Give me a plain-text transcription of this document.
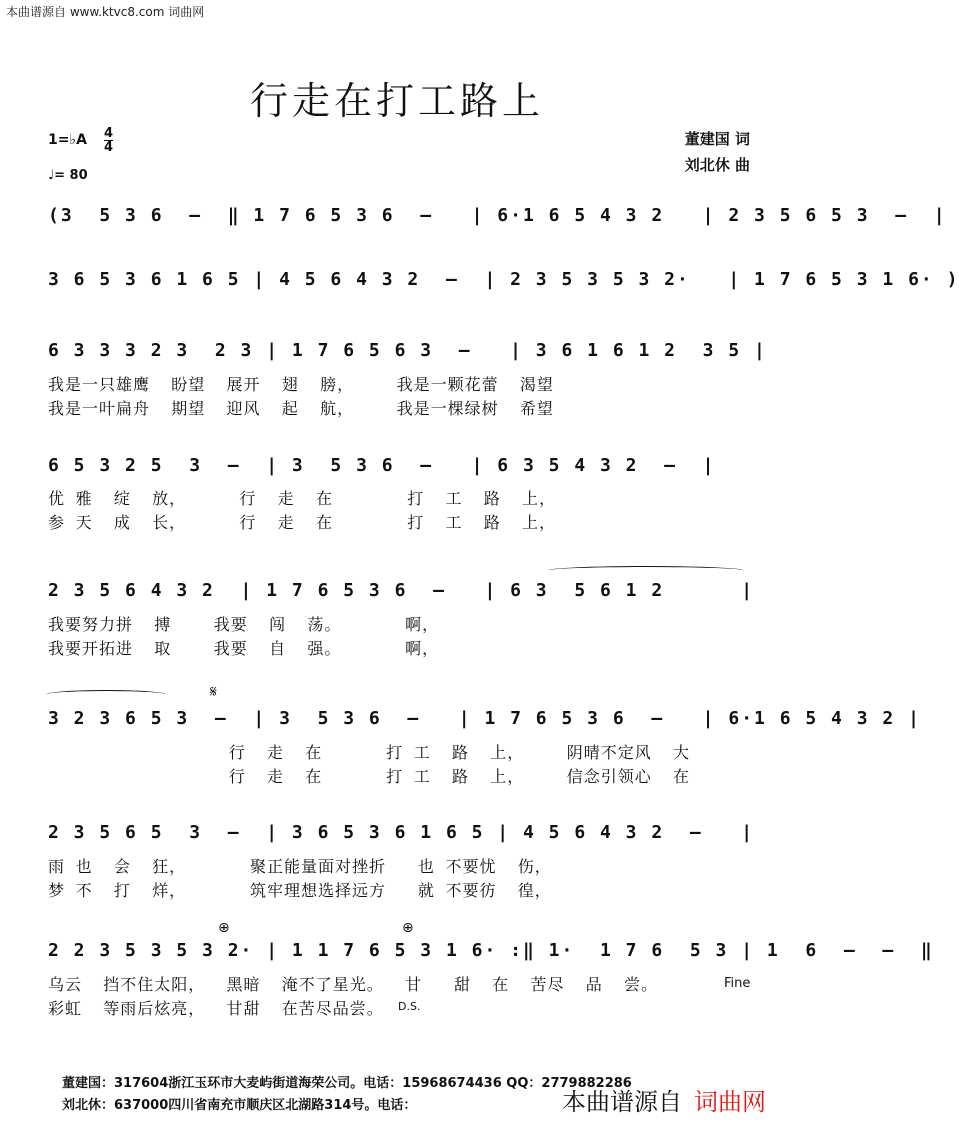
本曲谱源自 www.ktvc8.com 词曲网
行走在打工路上
1=♭A 4
4
♩= 80
董建国 词
刘北休 曲
(3  5 3 6  –  ‖ 1 7 6 5 3 6  –   | 6·1 6 5 4 3 2   | 2 3 5 6 5 3  –  |
3 6 5 3 6 1 6 5 | 4 5 6 4 3 2  –  | 2 3 5 3 5 3 2·   | 1 7 6 5 3 1 6· )
6 3 3 3 2 3  2 3 | 1 7 6 5 6 3  –   | 3 6 1 6 1 2  3 5 |
我是一只雄鹰  盼望  展开  翅  膀，    我是一颗花蕾  渴望
我是一叶扁舟  期望  迎风  起  航，    我是一棵绿树  希望
6 5 3 2 5  3  –  | 3  5 3 6  –   | 6 3 5 4 3 2  –  |
优 雅  绽  放，     行  走  在       打  工  路  上，
参 天  成  长，     行  走  在       打  工  路  上，
2 3 5 6 4 3 2  | 1 7 6 5 3 6  –   | 6 3  5 6 1 2      |
我要努力拼  搏    我要  闯  荡。      啊，
我要开拓进  取    我要  自  强。      啊，
𝄋
3 2 3 6 5 3  –  | 3  5 3 6  –   | 1 7 6 5 3 6  –   | 6·1 6 5 4 3 2 |
行  走  在      打 工  路  上，    阴晴不定风  大
行  走  在      打 工  路  上，    信念引领心  在
2 3 5 6 5  3  –  | 3 6 5 3 6 1 6 5 | 4 5 6 4 3 2  –   |
雨 也  会  狂，      聚正能量面对挫折   也 不要忧  伤，
梦 不  打  烊，      筑牢理想选择远方   就 不要彷  徨，
⊕	⊕
2 2 3 5 3 5 3 2· | 1 1 7 6 5 3 1 6· :‖ 1·  1 7 6  5 3 | 1  6  –  –  ‖
乌云  挡不住太阳，  黑暗  淹不了星光。  甘   甜  在  苦尽  品  尝。
彩虹  等雨后炫亮，  甘甜  在苦尽品尝。
Fine
D.S.
董建国：317604浙江玉环市大麦屿街道海荣公司。电话：15968674436 QQ：2779882286
刘北休：637000四川省南充市顺庆区北湖路314号。电话：	本曲谱源自 词曲网
